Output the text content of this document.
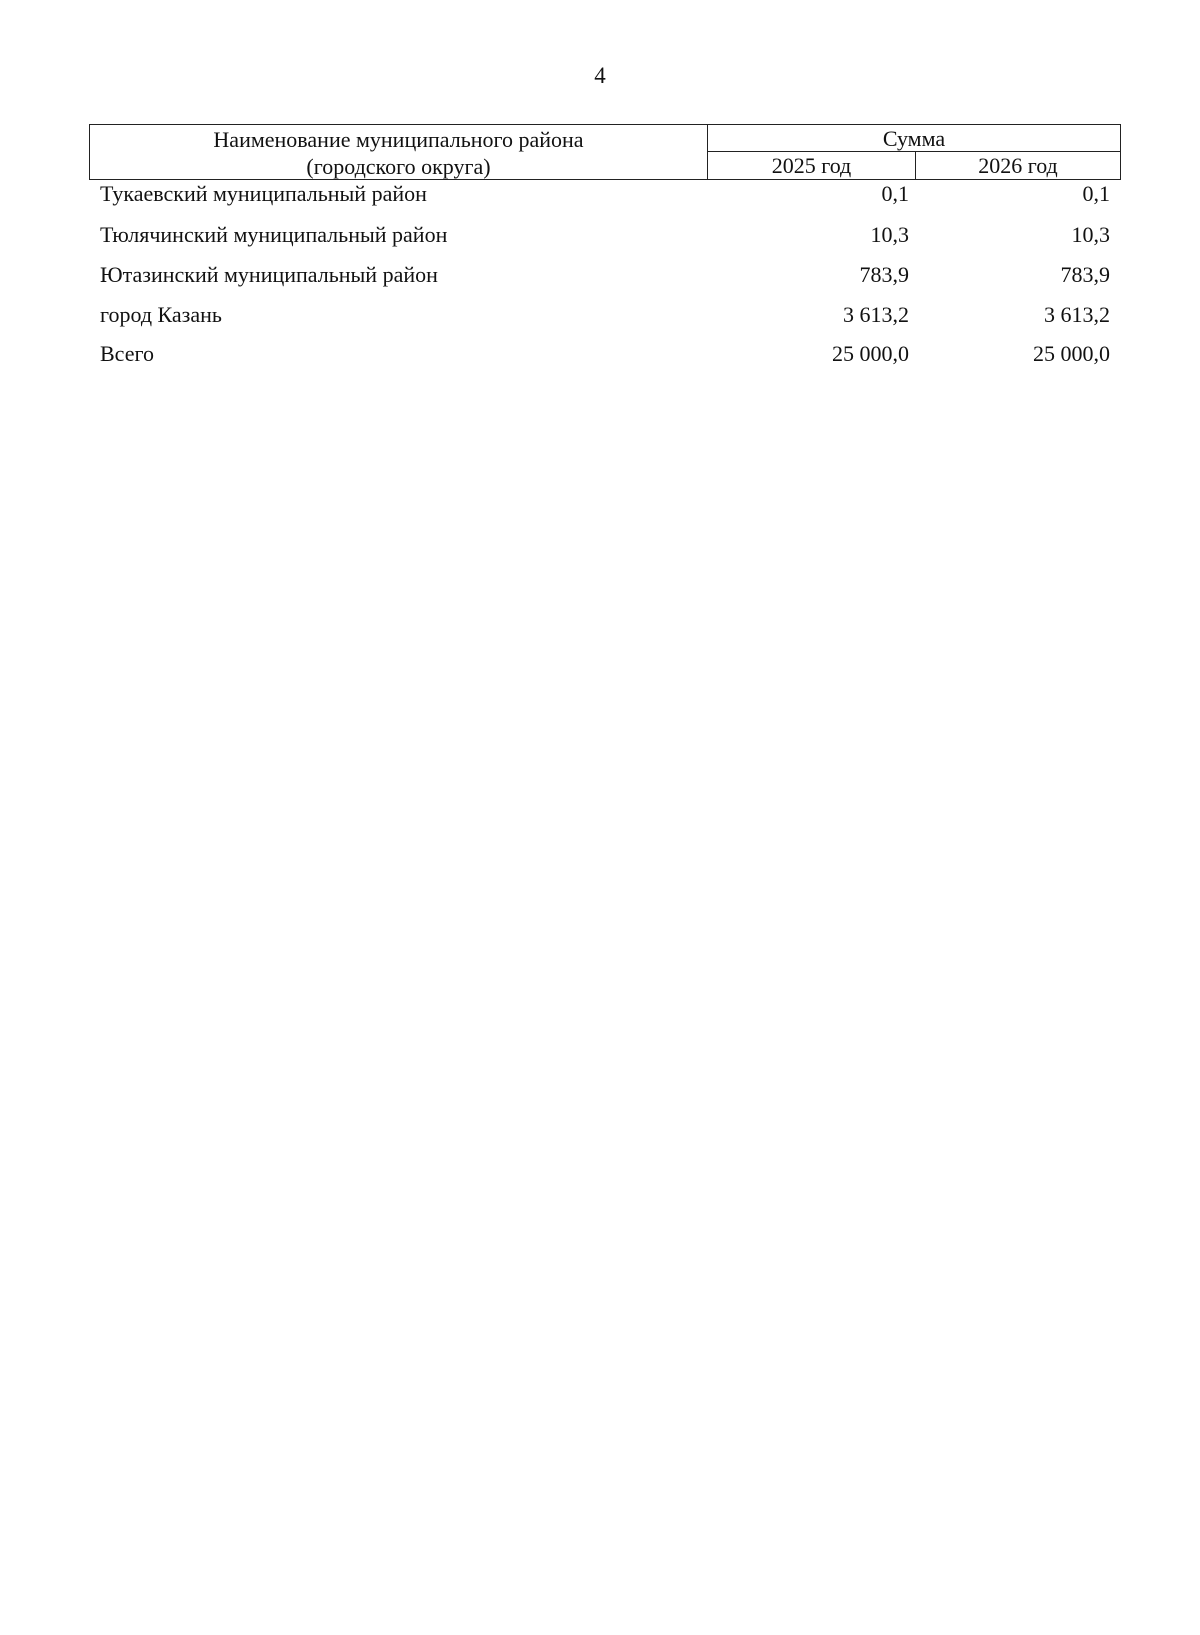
4
Наименование муниципального района
(городского округа)
Сумма
2025 год	2026 год
Тукаевский муниципальный район	0,1	0,1
Тюлячинский муниципальный район	10,3	10,3
Ютазинский муниципальный район	783,9	783,9
город Казань	3 613,2	3 613,2
Всего	25 000,0	25 000,0
